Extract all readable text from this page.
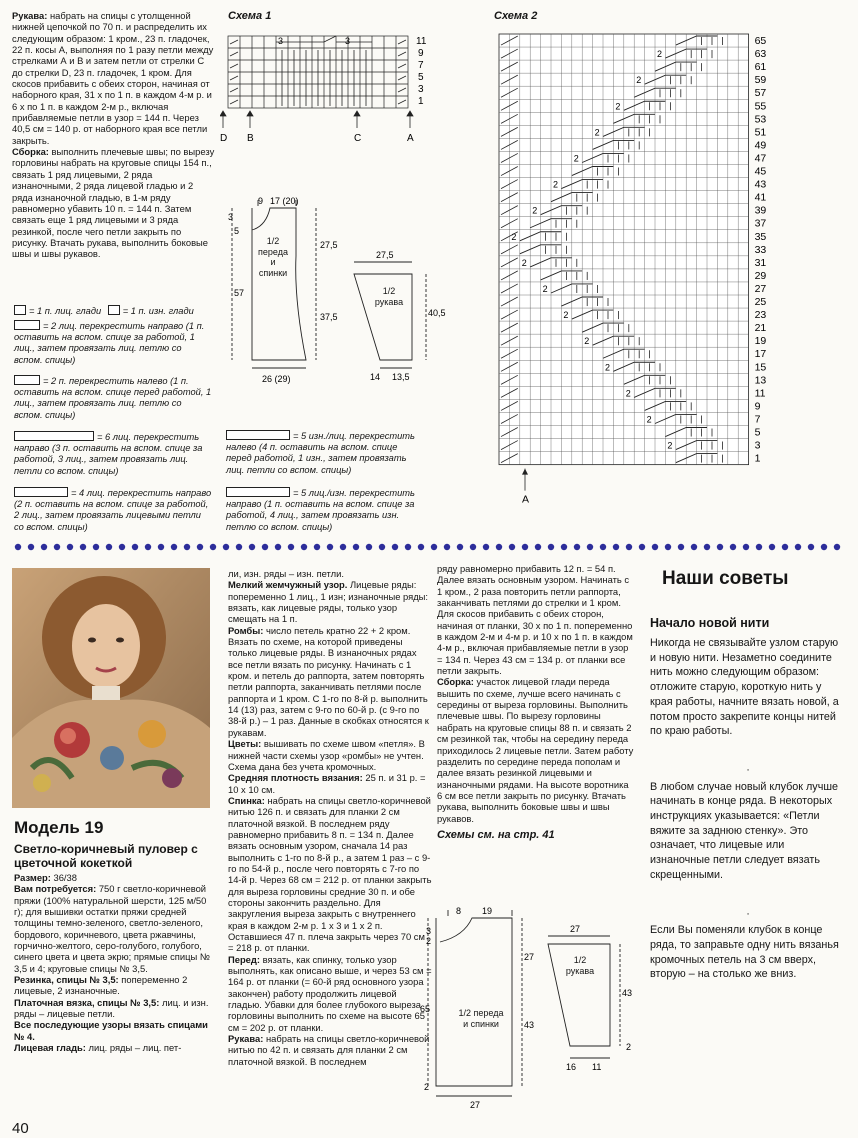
Рукава: набрать на спицы с утолщенной нижней цепочкой по 70 п. и распределить их следующим образом: 1 кром., 23 п. гладочек, 22 п. косы А, выполняя по 1 разу петли между стрелками А и В и затем петли от стрелки С до стрелки D, 23 п. гладочек, 1 кром. Для скосов прибавить с обеих сторон, начиная от наборного края, 31 х по 1 п. в каждом 4-м р. и 6 х по 1 п. в каждом 2-м р., включая прибавляемые петли в узор = 144 п. Через 40,5 см = 140 р. от наборного края все петли закрыть.

Сборка: выполнить плечевые швы; по вырезу горловины набрать на круговые спицы 154 п., связать 1 ряд лицевыми, 2 ряда изнаночными, 2 ряда лицевой гладью и 2 ряда изнаночной гладью, в 1-м ряду равномерно убавить 10 п. = 144 п. Затем связать еще 1 ряд лицевыми и 3 ряда резинкой, после чего петли закрыть по рисунку. Втачать рукава, выполнить боковые швы и швы рукавов.

= 1 п. лиц. глади = 1 п. изн. глади
= 2 лиц. перекрестить направо (1 п. оставить на вспом. спице за работой, 1 лиц., затем провязать лиц. петлю со вспом. спицы)
= 2 п. перекрестить налево (1 п. оставить на вспом. спице перед работой, 1 лиц., затем провязать лиц. петлю со вспом. спицы)
= 6 лиц. перекрестить направо (3 п. оставить на вспом. спице за работой, 3 лиц., затем провязать лиц. петли со вспом. спицы)
= 4 лиц. перекрестить направо (2 п. оставить на вспом. спице за работой, 2 лиц., затем провязать лицевыми петли со вспом. спицы)
Схема 1
3	3	11
9
7
5
3
1
D B	C	A
9 17 (20)
3
5
27,5
57
37,5
26 (29)
27,5
40,5
14 13,5
1/2 переда и спинки
1/2 рукава
= 5 изн./лиц. перекрестить налево (4 п. оставить на вспом. спице перед работой, 1 изн., затем провязать лиц. петли со вспом. спицы)
= 5 лиц./изн. перекрестить направо (1 п. оставить на вспом. спице за работой, 4 лиц., затем провязать изн. петлю со вспом. спицы)
Схема 2
65
63
2
61
59
2
57
55
2
53
51
2
49
47
2
45
43
2
41
39
2
37
35
2
33
31
2
29
27
2
25
23
2
21
19
2
17
15
2
13
11
2
9
7
2
5
3
2
1
A
Модель 19
Светло-коричневый пуловер с цветочной кокеткой

Размер: 36/38

Вам потребуется: 750 г светло-коричневой пряжи (100% натуральной шерсти, 125 м/50 г); для вышивки остатки пряжи средней толщины темно-зеленого, светло-зеленого, бордового, коричневого, цвета ржавчины, горчично-желтого, серо-голубого, голубого, синего цвета и цвета экрю; прямые спицы № 3,5 и 4; круговые спицы № 3,5.

Резинка, спицы № 3,5: попеременно 2 лицевые, 2 изнаночные.

Платочная вязка, спицы № 3,5: лиц. и изн. ряды – лицевые петли.

Все последующие узоры вязать спицами № 4.

Лицевая гладь: лиц. ряды – лиц. пет-

40

ли, изн. ряды – изн. петли.

Мелкий жемчужный узор. Лицевые ряды: попеременно 1 лиц., 1 изн; изнаночные ряды: вязать, как лицевые ряды, только узор смещать на 1 п.

Ромбы: число петель кратно 22 + 2 кром. Вязать по схеме, на которой приведены только лицевые ряды. В изнаночных рядах все петли вязать по рисунку. Начинать с 1 кром. и петель до раппорта, затем повторять петли раппорта, заканчивать петлями после раппорта и 1 кром. С 1-го по 8-й р. выполнить 14 (13) раз, затем с 9-го по 60-й р. (с 9-го по 38-й р.) – 1 раз. Данные в скобках относятся к рукавам.

Цветы: вышивать по схеме швом «петля». В нижней части схемы узор «ромбы» не учтен. Схема дана без учета кромочных.

Средняя плотность вязания: 25 п. и 31 р. = 10 х 10 см.

Спинка: набрать на спицы светло-коричневой нитью 126 п. и связать для планки 2 см платочной вязкой. В последнем ряду равномерно прибавить 8 п. = 134 п. Далее вязать основным узором, сначала 14 раз выполнить с 1-го по 8-й р., а затем 1 раз – с 9-го по 54-й р., после чего повторять с 7-го по 14-й р. Через 68 см = 212 р. от планки закрыть для выреза горловины средние 30 п. и обе стороны закончить раздельно. Для закругления выреза закрыть с внутреннего края в каждом 2-м р. 1 х 3 и 1 х 2 п. Оставшиеся 47 п. плеча закрыть через 70 см = 218 р. от планки.

Перед: вязать, как спинку, только узор выполнять, как описано выше, и через 53 см = 164 р. от планки (= 60-й ряд основного узора закончен) работу продолжить лицевой гладью. Убавки для более глубокого выреза горловины выполнить по схеме на высоте 65 см = 202 р. от планки.

Рукава: набрать на спицы светло-коричневой нитью по 42 п. и связать для планки 2 см платочной вязкой. В последнем

ряду равномерно прибавить 12 п. = 54 п. Далее вязать основным узором. Начинать с 1 кром., 2 раза повторить петли раппорта, заканчивать петлями до стрелки и 1 кром. Для скосов прибавить с обеих сторон, начиная от планки, 30 х по 1 п. попеременно в каждом 2-м и 4-м р. и 10 х по 1 п. в каждом 4-м р., включая прибавляемые петли в узор = 134 п. Через 43 см = 134 р. от планки все петли закрыть.

Сборка: участок лицевой глади переда вышить по схеме, лучше всего начинать с середины от выреза горловины. Выполнить плечевые швы. По вырезу горловины набрать на круговые спицы 88 п. и связать 2 см резинкой так, чтобы на середину переда приходилось 2 лицевые петли. Затем работу разделить по середине переда пополам и далее вязать резинкой лицевыми и изнаночными рядами. На высоте воротника 6 см все петли закрыть по рисунку. Втачать рукава, выполнить боковые швы и швы рукавов.

Схемы см. на стр. 41

8 19
3
2
27
65
43
27
2
27
43
16 11
2
1/2 переда и спинки
1/2 рукава
Наши советы
Начало новой нити

Никогда не связывайте узлом старую и новую нити. Незаметно соедините нить можно следующим образом: отложите старую, короткую нить у края работы, начните вязать новой, а потом просто закрепите концы нитей по краю работы.

·

В любом случае новый клубок лучше начинать в конце ряда. В некоторых инструкциях указывается: «Петли вяжите за заднюю стенку». Это означает, что лицевые или изнаночные петли следует вязать скрещенными.

·

Если Вы поменяли клубок в конце ряда, то заправьте одну нить вязанья кромочных петель на 3 см вверх, вторую – на столько же вниз.
